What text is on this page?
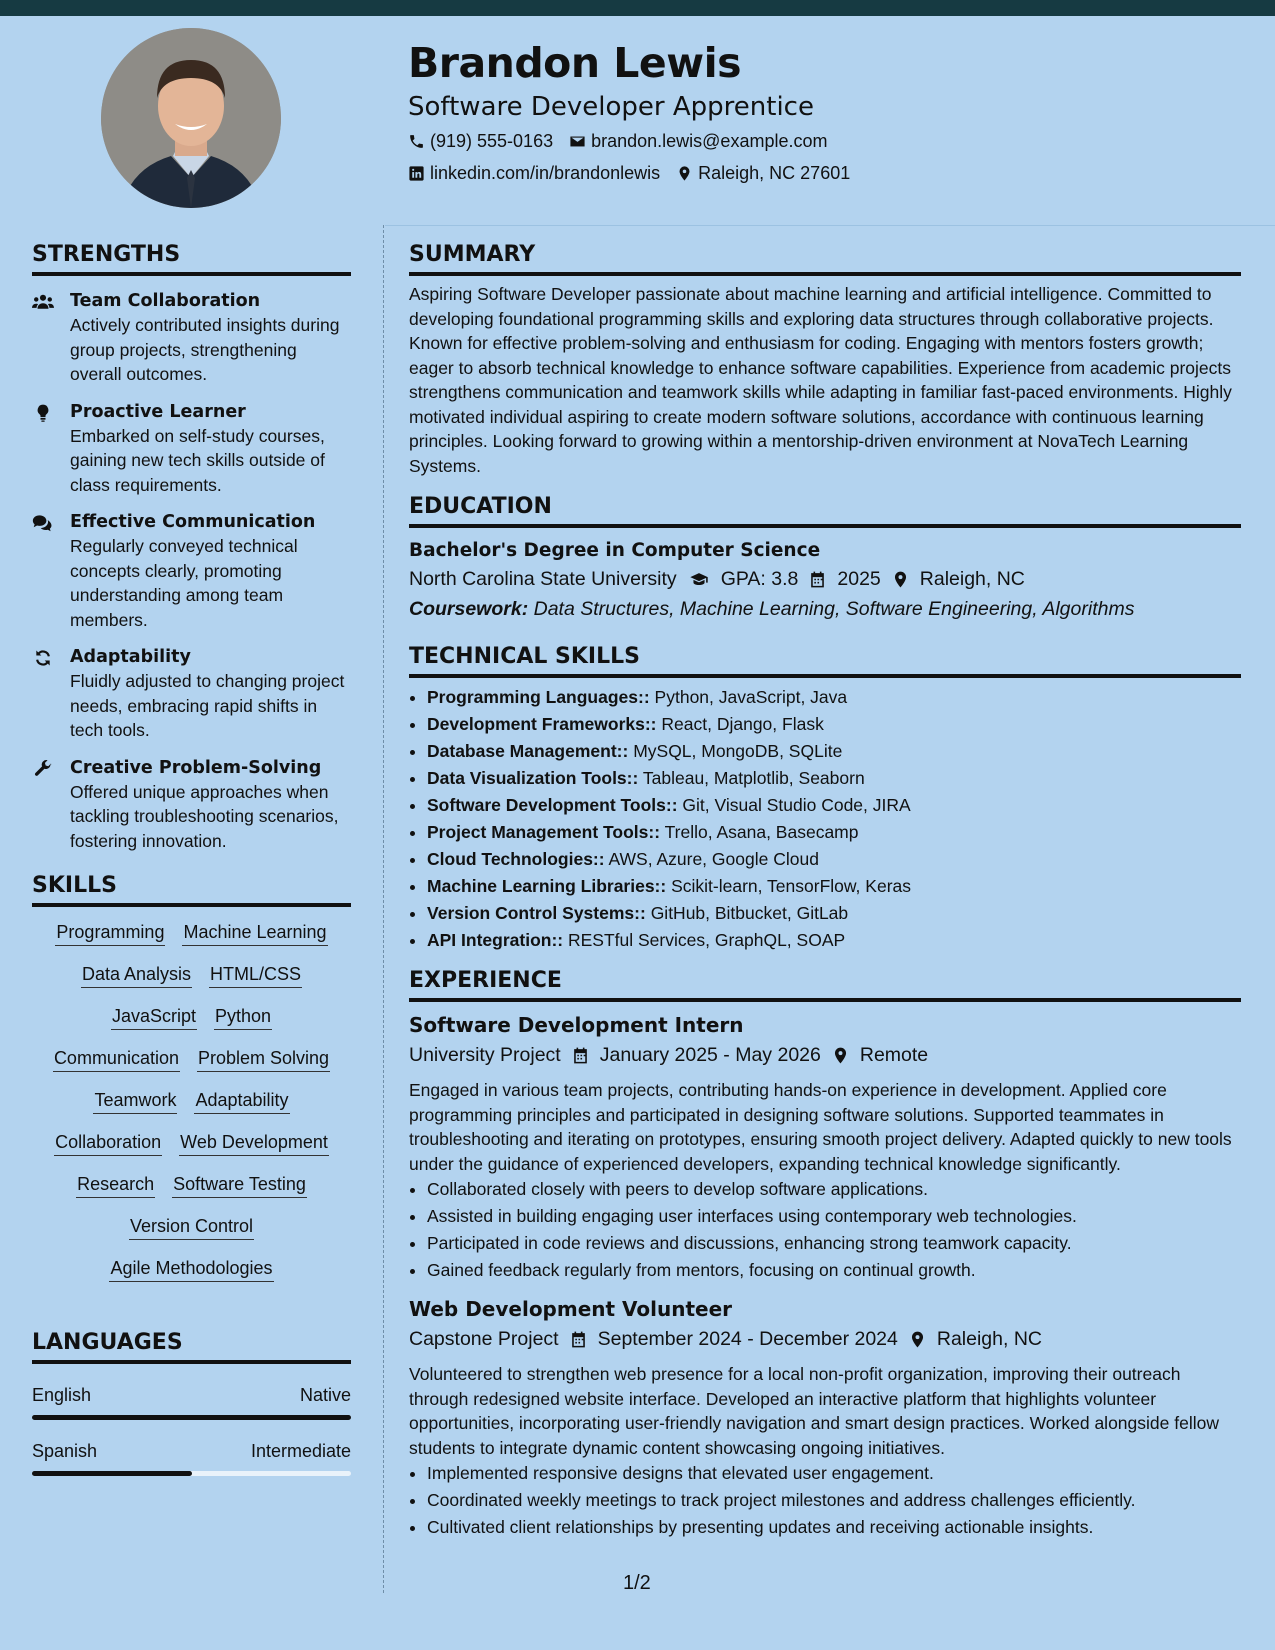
Brandon Lewis
Software Developer Apprentice
(919) 555-0163 brandon.lewis@example.com
linkedin.com/in/brandonlewis Raleigh, NC 27601
STRENGTHS
Team Collaboration
Actively contributed insights during group projects, strengthening overall outcomes.
Proactive Learner
Embarked on self-study courses, gaining new tech skills outside of class requirements.
Effective Communication
Regularly conveyed technical concepts clearly, promoting understanding among team members.
Adaptability
Fluidly adjusted to changing project needs, embracing rapid shifts in tech tools.
Creative Problem-Solving
Offered unique approaches when tackling troubleshooting scenarios, fostering innovation.
SKILLS
Programming Machine Learning
Data Analysis HTML/CSS
JavaScript Python
Communication Problem Solving
Teamwork Adaptability
Collaboration Web Development
Research Software Testing
Version Control
Agile Methodologies
LANGUAGES
English	Native
Spanish	Intermediate
SUMMARY

Aspiring Software Developer passionate about machine learning and artificial intelligence. Committed to developing foundational programming skills and exploring data structures through collaborative projects. Known for effective problem-solving and enthusiasm for coding. Engaging with mentors fosters growth; eager to absorb technical knowledge to enhance software capabilities. Experience from academic projects strengthens communication and teamwork skills while adapting in familiar fast-paced environments. Highly motivated individual aspiring to create modern software solutions, accordance with continuous learning principles. Looking forward to growing within a mentorship-driven environment at NovaTech Learning Systems.

EDUCATION
Bachelor's Degree in Computer Science
North Carolina State University GPA: 3.8 2025 Raleigh, NC
Coursework: Data Structures, Machine Learning, Software Engineering, Algorithms
TECHNICAL SKILLS
• Programming Languages:: Python, JavaScript, Java
• Development Frameworks:: React, Django, Flask
• Database Management:: MySQL, MongoDB, SQLite
• Data Visualization Tools:: Tableau, Matplotlib, Seaborn
• Software Development Tools:: Git, Visual Studio Code, JIRA
• Project Management Tools:: Trello, Asana, Basecamp
• Cloud Technologies:: AWS, Azure, Google Cloud
• Machine Learning Libraries:: Scikit-learn, TensorFlow, Keras
• Version Control Systems:: GitHub, Bitbucket, GitLab
• API Integration:: RESTful Services, GraphQL, SOAP
EXPERIENCE
Software Development Intern
University Project January 2025 - May 2026 Remote

Engaged in various team projects, contributing hands-on experience in development. Applied core programming principles and participated in designing software solutions. Supported teammates in troubleshooting and iterating on prototypes, ensuring smooth project delivery. Adapted quickly to new tools under the guidance of experienced developers, expanding technical knowledge significantly.

• Collaborated closely with peers to develop software applications.
• Assisted in building engaging user interfaces using contemporary web technologies.
• Participated in code reviews and discussions, enhancing strong teamwork capacity.
• Gained feedback regularly from mentors, focusing on continual growth.
Web Development Volunteer
Capstone Project September 2024 - December 2024 Raleigh, NC

Volunteered to strengthen web presence for a local non-profit organization, improving their outreach through redesigned website interface. Developed an interactive platform that highlights volunteer opportunities, incorporating user-friendly navigation and smart design practices. Worked alongside fellow students to integrate dynamic content showcasing ongoing initiatives.

• Implemented responsive designs that elevated user engagement.
• Coordinated weekly meetings to track project milestones and address challenges efficiently.
• Cultivated client relationships by presenting updates and receiving actionable insights.
1/2
